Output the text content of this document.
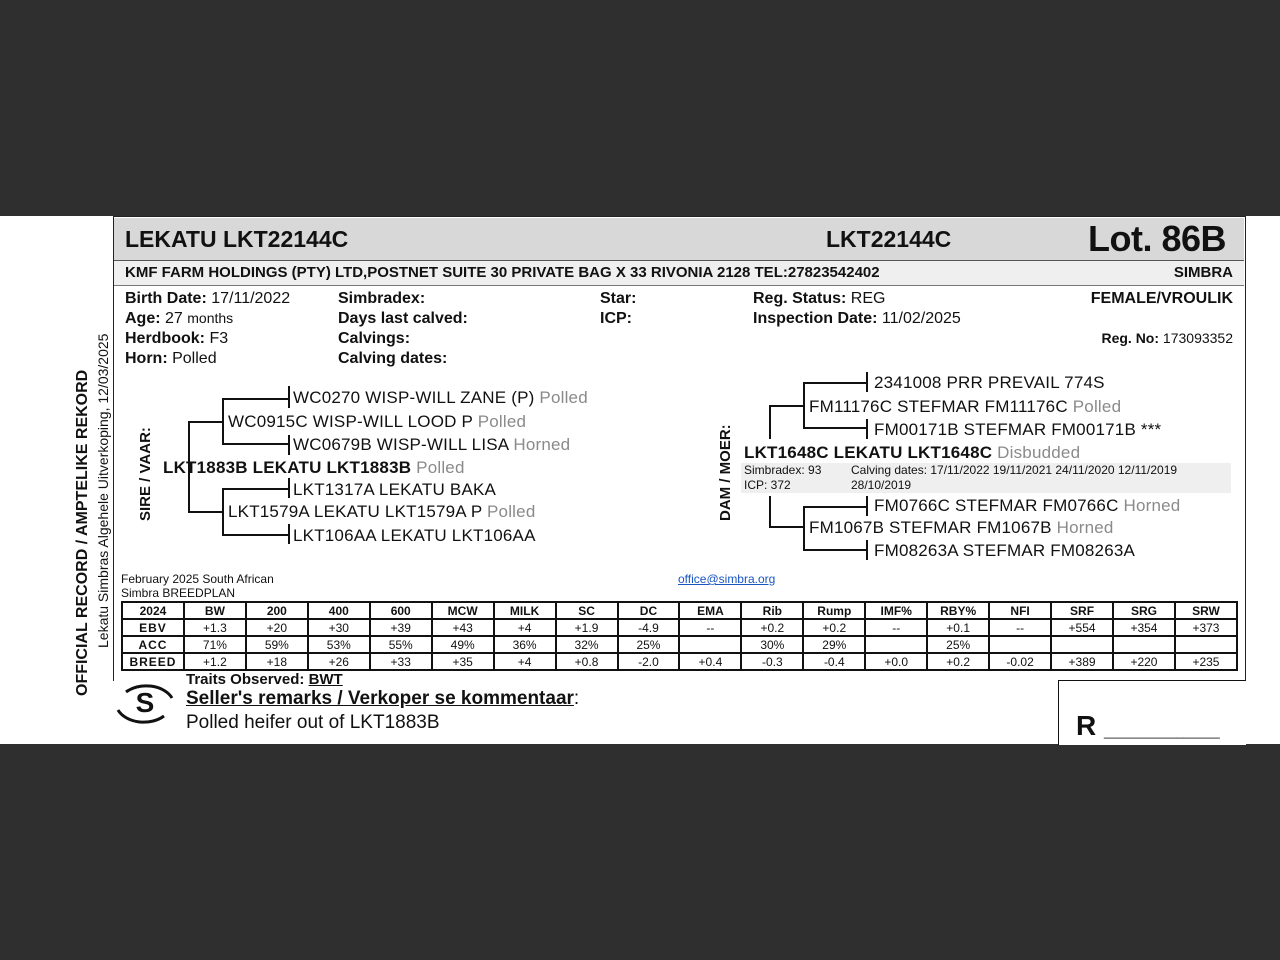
OFFICIAL RECORD / AMPTELIKE REKORD Lekatu Simbras Algehele Uitverkoping, 12/03/2025
LEKATU LKT22144C	LKT22144C	Lot. 86B
KMF FARM HOLDINGS (PTY) LTD,POSTNET SUITE 30 PRIVATE BAG X 33 RIVONIA 2128 TEL:27823542402	SIMBRA
Birth Date: 17/11/2022
Age: 27 months
Herdbook: F3
Horn: Polled
Simbradex:
Days last calved:
Calvings:
Calving dates:
Star:
ICP:
Reg. Status: REG
Inspection Date: 11/02/2025
FEMALE/VROULIK
Reg. No: 173093352
SIRE / VAAR:
WC0270 WISP-WILL ZANE (P) Polled
WC0915C WISP-WILL LOOD P Polled
WC0679B WISP-WILL LISA Horned
LKT1883B LEKATU LKT1883B Polled
LKT1317A LEKATU BAKA
LKT1579A LEKATU LKT1579A P Polled
LKT106AA LEKATU LKT106AA
DAM / MOER:
2341008 PRR PREVAIL 774S
FM11176C STEFMAR FM11176C Polled
FM00171B STEFMAR FM00171B ***
LKT1648C LEKATU LKT1648C Disbudded
Simbradex: 93
ICP: 372
Calving dates: 17/11/2022 19/11/2021 24/11/2020 12/11/2019
28/10/2019
FM0766C STEFMAR FM0766C Horned
FM1067B STEFMAR FM1067B Horned
FM08263A STEFMAR FM08263A
February 2025 South African
Simbra BREEDPLAN
office@simbra.org
2024	BW	200	400	600	MCW	MILK	SC	DC	EMA	Rib	Rump	IMF%	RBY%	NFI	SRF	SRG	SRW
EBV	+1.3	+20	+30	+39	+43	+4	+1.9	-4.9	--	+0.2	+0.2	--	+0.1	--	+554	+354	+373
ACC	71%	59%	53%	55%	49%	36%	32%	25%		30%	29%		25%				
BREED	+1.2	+18	+26	+33	+35	+4	+0.8	-2.0	+0.4	-0.3	-0.4	+0.0	+0.2	-0.02	+389	+220	+235
S
Traits Observed: BWT
Seller's remarks / Verkoper se kommentaar:
Polled heifer out of LKT1883B	R ________________
